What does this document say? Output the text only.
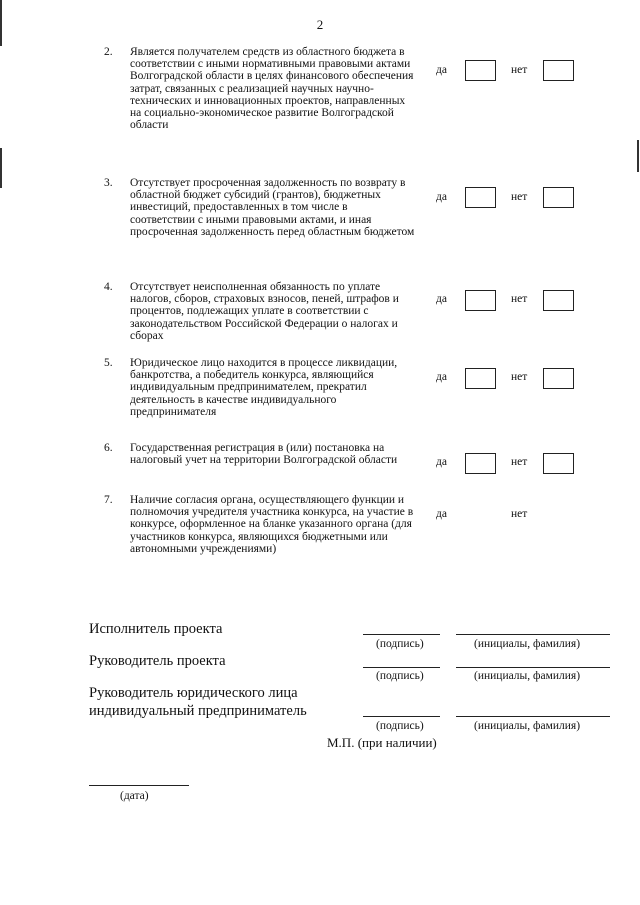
2
2. Является получателем средств из областного бюджета в соответствии с иными нормативными правовыми актами Волгоградской области в целях финансового обеспечения затрат, связанных с реализацией научных научно-технических и инновационных проектов, направленных на социально-экономическое развитие Волгоградской области
да	нет
3. Отсутствует просроченная задолженность по возврату в областной бюджет субсидий (грантов), бюджетных инвестиций, предоставленных в том числе в соответствии с иными правовыми актами, и иная просроченная задолженность перед областным бюджетом
да	нет
4. Отсутствует неисполненная обязанность по уплате налогов, сборов, страховых взносов, пеней, штрафов и процентов, подлежащих уплате в соответствии с законодательством Российской Федерации о налогах и сборах
да	нет
5. Юридическое лицо находится в процессе ликвидации, банкротства, а победитель конкурса, являющийся индивидуальным предпринимателем, прекратил деятельность в качестве индивидуального предпринимателя
да	нет
6. Государственная регистрация в (или) постановка на налоговый учет на территории Волгоградской области	да	нет
7. Наличие согласия органа, осуществляющего функции и полномочия учредителя участника конкурса, на участие в конкурсе, оформленное на бланке указанного органа (для участников конкурса, являющихся бюджетными или автономными учреждениями)
да	нет
Исполнитель проекта
(подпись)	(инициалы, фамилия)
Руководитель проекта
(подпись)	(инициалы, фамилия)
Руководитель юридического лица
индивидуальный предприниматель
(подпись)	(инициалы, фамилия)
М.П. (при наличии)
(дата)
